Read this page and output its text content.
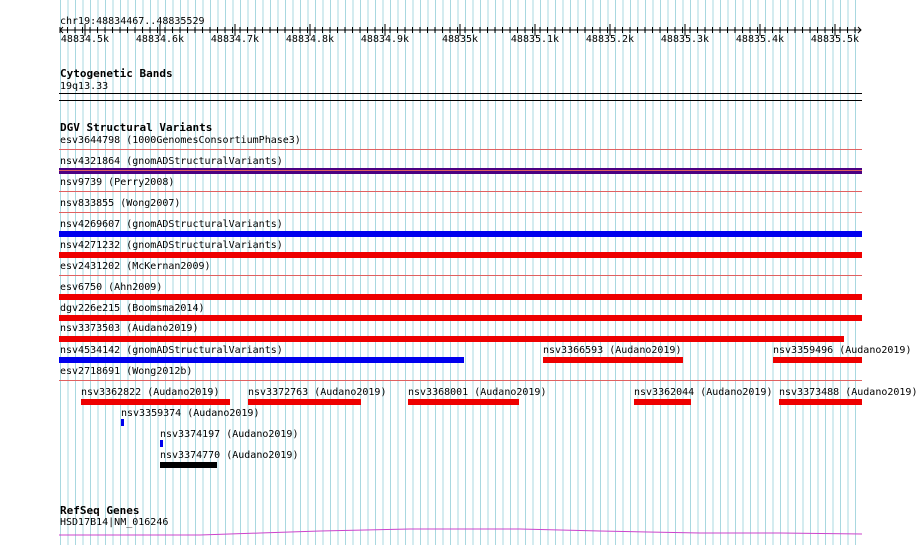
chr19:48834467..48835529
48834.5k	48834.6k	48834.7k	48834.8k	48834.9k	48835k	48835.1k	48835.2k	48835.3k	48835.4k	48835.5k
Cytogenetic Bands
19q13.33
DGV Structural Variants
esv3644798 (1000GenomesConsortiumPhase3)
nsv4321864 (gnomADStructuralVariants)
nsv9739 (Perry2008)
nsv833855 (Wong2007)
nsv4269607 (gnomADStructuralVariants)
nsv4271232 (gnomADStructuralVariants)
esv2431202 (McKernan2009)
esv6750 (Ahn2009)
dgv226e215 (Boomsma2014)
nsv3373503 (Audano2019)
nsv4534142 (gnomADStructuralVariants)	nsv3366593 (Audano2019)	nsv3359496 (Audano2019)
esv2718691 (Wong2012b)
nsv3362822 (Audano2019)	nsv3372763 (Audano2019) nsv3368001 (Audano2019)	nsv3362044 (Audano2019) nsv3373488 (Audano2019)
nsv3359374 (Audano2019)
nsv3374197 (Audano2019)
nsv3374770 (Audano2019)
RefSeq Genes
HSD17B14|NM_016246
